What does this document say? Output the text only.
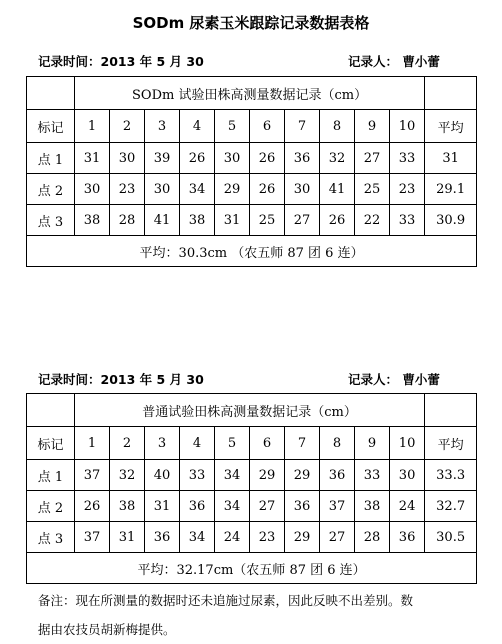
SODm 尿素玉米跟踪记录数据表格
记录时间：2013 年 5 月 30	记录人： 曹小蕾
	SODm 试验田株高测量数据记录（cm）										
标记	1	2	3	4	5	6	7	8	9	10	平均
点 1	31	30	39	26	30	26	36	32	27	33	31
点 2	30	23	30	34	29	26	30	41	25	23	29.1
点 3	38	28	41	38	31	25	27	26	22	33	30.9
平均：30.3cm （农五师 87 团 6 连）											
记录时间：2013 年 5 月 30	记录人： 曹小蕾
	普通试验田株高测量数据记录（cm）										
标记	1	2	3	4	5	6	7	8	9	10	平均
点 1	37	32	40	33	34	29	29	36	33	30	33.3
点 2	26	38	31	36	34	27	36	37	38	24	32.7
点 3	37	31	36	34	24	23	29	27	28	36	30.5
平均：32.17cm（农五师 87 团 6 连）											
备注：现在所测量的数据时还未追施过尿素，因此反映不出差别。数
据由农技员胡新梅提供。
